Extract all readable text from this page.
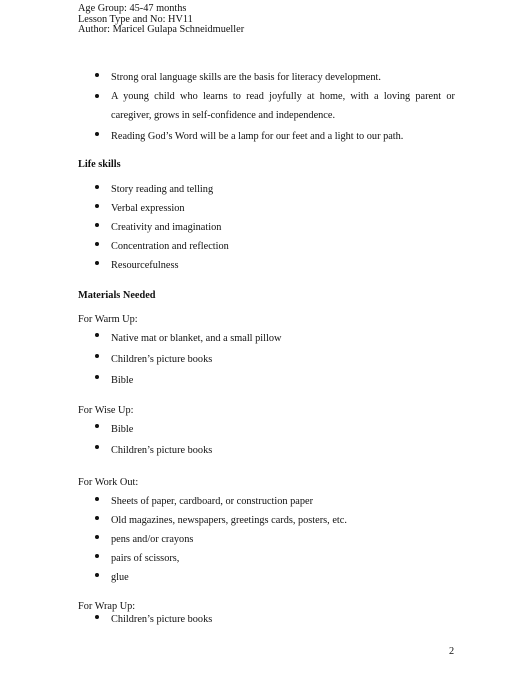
Age Group: 45-47 months
Lesson Type and No: HV11
Author: Maricel Gulapa Schneidmueller
Strong oral language skills are the basis for literacy development.
A young child who learns to read joyfully at home, with a loving parent or caregiver, grows in self-confidence and independence.
Reading God’s Word will be a lamp for our feet and a light to our path.
Life skills
Story reading and telling
Verbal expression
Creativity and imagination
Concentration and reflection
Resourcefulness
Materials Needed
For Warm Up:
Native mat or blanket, and a small pillow
Children’s picture books
Bible
For Wise Up:
Bible
Children’s picture books
For Work Out:
Sheets of paper, cardboard, or construction paper
Old magazines, newspapers, greetings cards, posters, etc.
pens and/or crayons
pairs of scissors,
glue
For Wrap Up:
Children’s picture books
2
